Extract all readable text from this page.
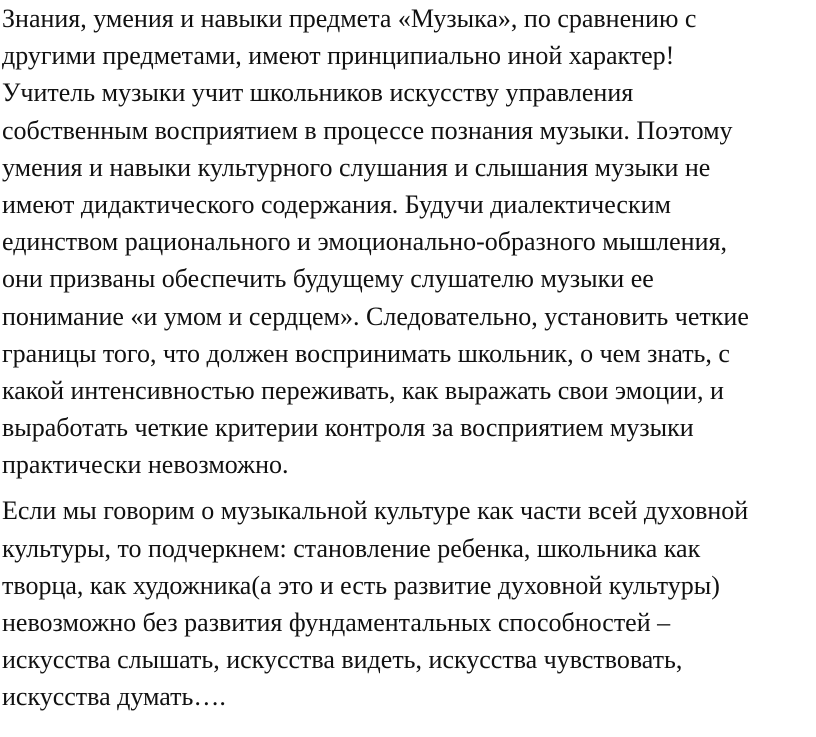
Знания, умения и навыки предмета «Музыка», по сравнению с
другими предметами, имеют принципиально иной характер!
Учитель музыки учит школьников искусству управления
собственным восприятием в процессе познания музыки. Поэтому
умения и навыки культурного слушания и слышания музыки не
имеют дидактического содержания. Будучи диалектическим
единством рационального и эмоционально-образного мышления,
они призваны обеспечить будущему слушателю музыки ее
понимание «и умом и сердцем». Следовательно, установить четкие
границы того, что должен воспринимать школьник, о чем знать, с
какой интенсивностью переживать, как выражать свои эмоции, и
выработать четкие критерии контроля за восприятием музыки
практически невозможно.
Если мы говорим о музыкальной культуре как части всей духовной
культуры, то подчеркнем: становление ребенка, школьника как
творца, как художника(а это и есть развитие духовной культуры)
невозможно без развития фундаментальных способностей –
искусства слышать, искусства видеть, искусства чувствовать,
искусства думать….
